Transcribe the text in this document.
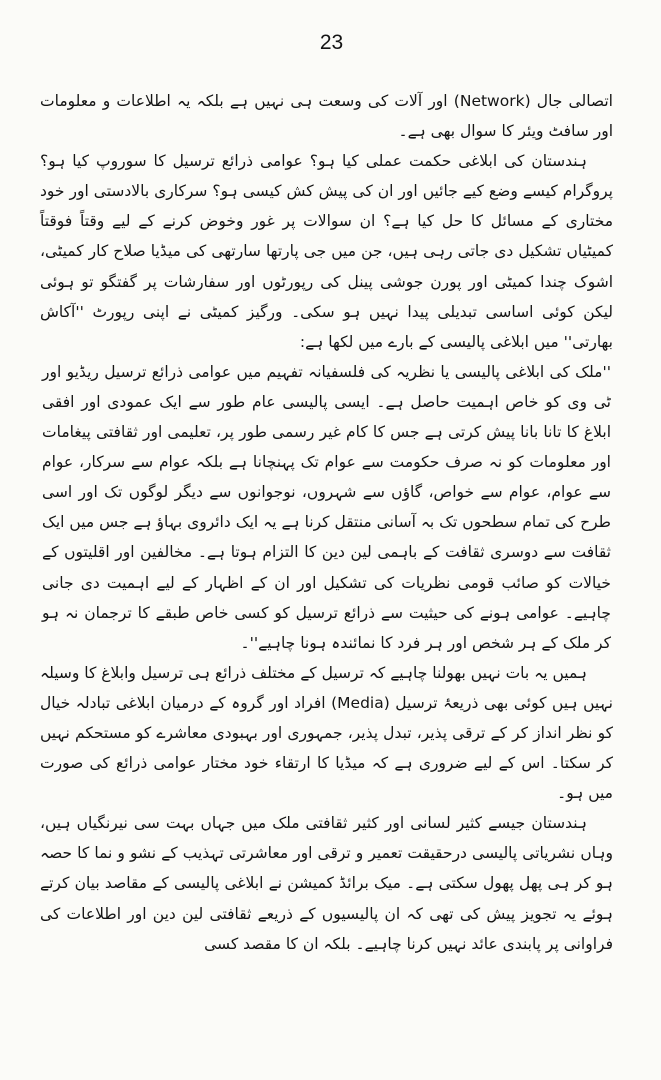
23

اتصالی جال (Network) اور آلات کی وسعت ہی نہیں ہے بلکہ یہ اطلاعات و معلومات اور سافٹ ویئر کا سوال بھی ہے۔

ہندستان کی ابلاغی حکمت عملی کیا ہو؟ عوامی ذرائع ترسیل کا سوروپ کیا ہو؟ پروگرام کیسے وضع کیے جائیں اور ان کی پیش کش کیسی ہو؟ سرکاری بالادستی اور خود مختاری کے مسائل کا حل کیا ہے؟ ان سوالات پر غور وخوض کرنے کے لیے وقتاً فوقتاً کمیٹیاں تشکیل دی جاتی رہی ہیں، جن میں جی پارتھا سارتھی کی میڈیا صلاح کار کمیٹی، اشوک چندا کمیٹی اور پورن جوشی پینل کی رپورٹوں اور سفارشات پر گفتگو تو ہوئی لیکن کوئی اساسی تبدیلی پیدا نہیں ہو سکی۔ ورگیز کمیٹی نے اپنی رپورٹ ''آکاش بھارتی'' میں ابلاغی پالیسی کے بارے میں لکھا ہے:

''ملک کی ابلاغی پالیسی یا نظریہ کی فلسفیانہ تفہیم میں عوامی ذرائع ترسیل ریڈیو اور ٹی وی کو خاص اہمیت حاصل ہے۔ ایسی پالیسی عام طور سے ایک عمودی اور افقی ابلاغ کا تانا بانا پیش کرتی ہے جس کا کام غیر رسمی طور پر، تعلیمی اور ثقافتی پیغامات اور معلومات کو نہ صرف حکومت سے عوام تک پہنچانا ہے بلکہ عوام سے سرکار، عوام سے عوام، عوام سے خواص، گاؤں سے شہروں، نوجوانوں سے دیگر لوگوں تک اور اسی طرح کی تمام سطحوں تک بہ آسانی منتقل کرنا ہے یہ ایک دائروی بہاؤ ہے جس میں ایک ثقافت سے دوسری ثقافت کے باہمی لین دین کا التزام ہوتا ہے۔ مخالفین اور اقلیتوں کے خیالات کو صائب قومی نظریات کی تشکیل اور ان کے اظہار کے لیے اہمیت دی جانی چاہیے۔ عوامی ہونے کی حیثیت سے ذرائع ترسیل کو کسی خاص طبقے کا ترجمان نہ ہو کر ملک کے ہر شخص اور ہر فرد کا نمائندہ ہونا چاہیے''۔

ہمیں یہ بات نہیں بھولنا چاہیے کہ ترسیل کے مختلف ذرائع ہی ترسیل وابلاغ کا وسیلہ نہیں ہیں کوئی بھی ذریعۂ ترسیل (Media) افراد اور گروہ کے درمیان ابلاغی تبادلہ خیال کو نظر انداز کر کے ترقی پذیر، تبدل پذیر، جمہوری اور بہبودی معاشرے کو مستحکم نہیں کر سکتا۔ اس کے لیے ضروری ہے کہ میڈیا کا ارتقاء خود مختار عوامی ذرائع کی صورت میں ہو۔

ہندستان جیسے کثیر لسانی اور کثیر ثقافتی ملک میں جہاں بہت سی نیرنگیاں ہیں، وہاں نشریاتی پالیسی درحقیقت تعمیر و ترقی اور معاشرتی تہذیب کے نشو و نما کا حصہ ہو کر ہی پھل پھول سکتی ہے۔ میک برائڈ کمیشن نے ابلاغی پالیسی کے مقاصد بیان کرتے ہوئے یہ تجویز پیش کی تھی کہ ان پالیسیوں کے ذریعے ثقافتی لین دین اور اطلاعات کی فراوانی پر پابندی عائد نہیں کرنا چاہیے۔ بلکہ ان کا مقصد کسی
